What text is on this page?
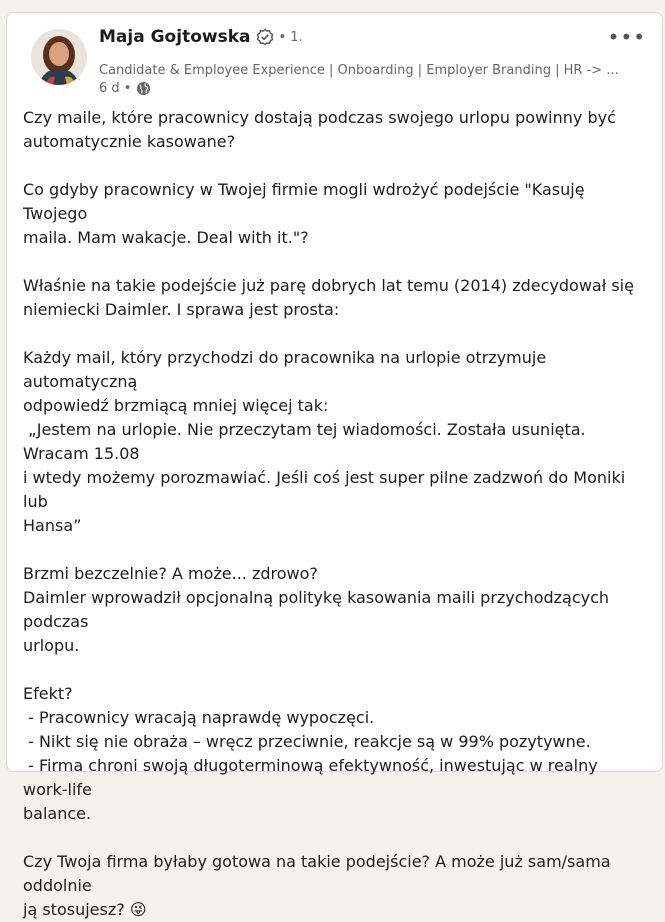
Maja Gojtowska • 1.
Candidate & Employee Experience | Onboarding | Employer Branding | HR -> ...
6 d •
•••

Czy maile, które pracownicy dostają podczas swojego urlopu powinny być

automatycznie kasowane?

Co gdyby pracownicy w Twojej firmie mogli wdrożyć podejście "Kasuję Twojego

maila. Mam wakacje. Deal with it."?

Właśnie na takie podejście już parę dobrych lat temu (2014) zdecydował się

niemiecki Daimler. I sprawa jest prosta:

Każdy mail, który przychodzi do pracownika na urlopie otrzymuje automatyczną

odpowiedź brzmiącą mniej więcej tak:

„Jestem na urlopie. Nie przeczytam tej wiadomości. Została usunięta. Wracam 15.08

i wtedy możemy porozmawiać. Jeśli coś jest super pilne zadzwoń do Moniki lub

Hansa”

Brzmi bezczelnie? A może... zdrowo?

Daimler wprowadził opcjonalną politykę kasowania maili przychodzących podczas

urlopu.

Efekt?

- Pracownicy wracają naprawdę wypoczęci.

- Nikt się nie obraża – wręcz przeciwnie, reakcje są w 99% pozytywne.

- Firma chroni swoją długoterminową efektywność, inwestując w realny work-life

balance.

Czy Twoja firma byłaby gotowa na takie podejście? A może już sam/sama oddolnie

ją stosujesz? 😜
